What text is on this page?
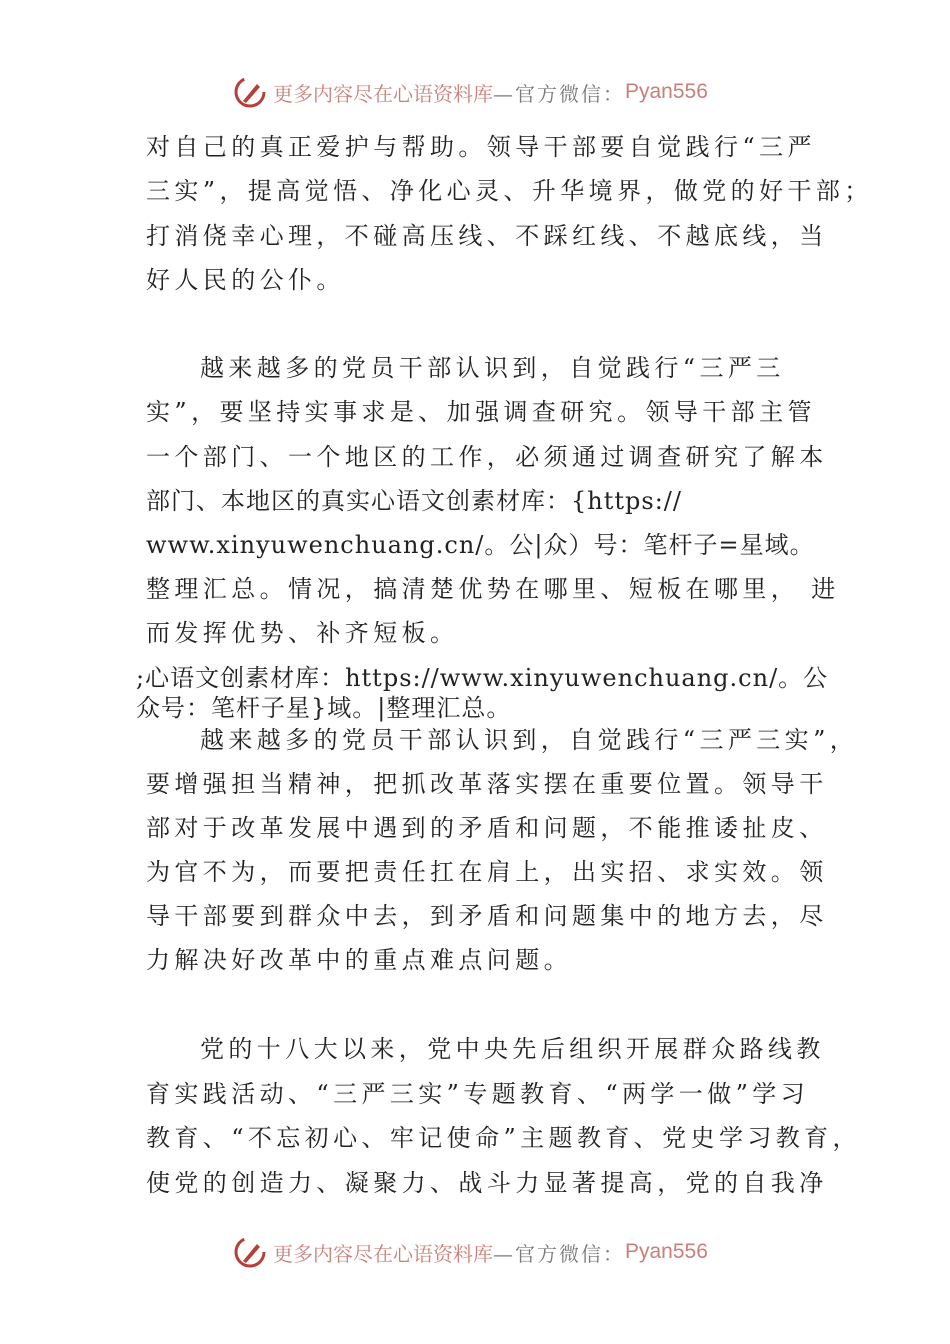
更多内容尽在心语资料库 —官方微信： Pyan556
对自己的真正爱护与帮助。领导干部要自觉践行“三严
三实”，提高觉悟、净化心灵、升华境界，做党的好干部；
打消侥幸心理，不碰高压线、不踩红线、不越底线，当
好人民的公仆。
越来越多的党员干部认识到，自觉践行“三严三
实”，要坚持实事求是、加强调查研究。领导干部主管
一个部门、一个地区的工作，必须通过调查研究了解本
部门、本地区的真实心语文创素材库：{https://
www.xinyuwenchuang.cn/。公|众）号：笔杆子=星域。
整理汇总。情况，搞清楚优势在哪里、短板在哪里， 进
而发挥优势、补齐短板。
;心语文创素材库：https://www.xinyuwenchuang.cn/。公
众号：笔杆子星}域。|整理汇总。
越来越多的党员干部认识到，自觉践行“三严三实”，
要增强担当精神，把抓改革落实摆在重要位置。领导干
部对于改革发展中遇到的矛盾和问题，不能推诿扯皮、
为官不为，而要把责任扛在肩上，出实招、求实效。领
导干部要到群众中去，到矛盾和问题集中的地方去，尽
力解决好改革中的重点难点问题。
党的十八大以来，党中央先后组织开展群众路线教
育实践活动、“三严三实”专题教育、“两学一做”学习
教育、“不忘初心、牢记使命”主题教育、党史学习教育，
使党的创造力、凝聚力、战斗力显著提高，党的自我净
更多内容尽在心语资料库 —官方微信： Pyan556
